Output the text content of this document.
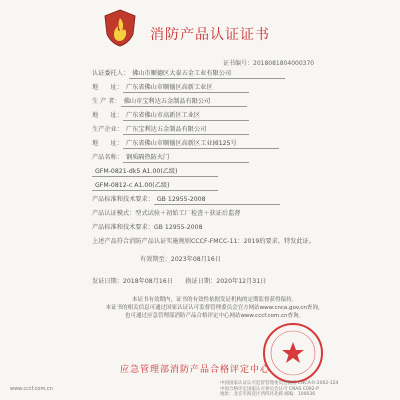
消防产品认证证书
证书编号：2018081804000370
认证委托人： 佛山市顺德区大泰五金工业有限公司
地　　址： 广东省佛山市顺德区高新工业区
生 产 者： 佛山市宝利达五金制品有限公司
地　　址： 广东省佛山市高新区工业区
生产企业： 广东宝利达五金制品有限公司
地　　址： 广东省佛山市顺德区高新区工业园125号
产品名称： 钢质隔热防火门
GFM-0821-dk5 A1.00(乙级)
GFM-0812-c A1.00(乙级)
产品标准和技术要求： GB 12955-2008
产品认证模式：型式试验＋初始工厂检查＋获证后监督
产品标准和技术要求：GB 12955-2008
上述产品符合消防产品认证实施规则CCCF-FMCC-11：2019的要求，特发此证。
有效期至：2023年08月16日
发证日期：2018年08月16日　　换证日期：2020年12月31日
本证书有效期内，证书的有效性依据发证机构的定期监督获得保持。
本证书的相关信息可通过国家认证认可监督管理委员会官方网站www.cnca.gov.cn查询，
也可通过应急管理部消防产品合格评定中心网站www.cccf.com.cn查询。
应急管理部消防产品合格评定中心
www.cccf.com.cn
中国国家认证认可监督管理委员会批准 CNCA-R-2002-124
中国合格评定国家认可委员会认可 CNAS C092-P
地址：北京市海淀区西四环北路 邮编：100036
